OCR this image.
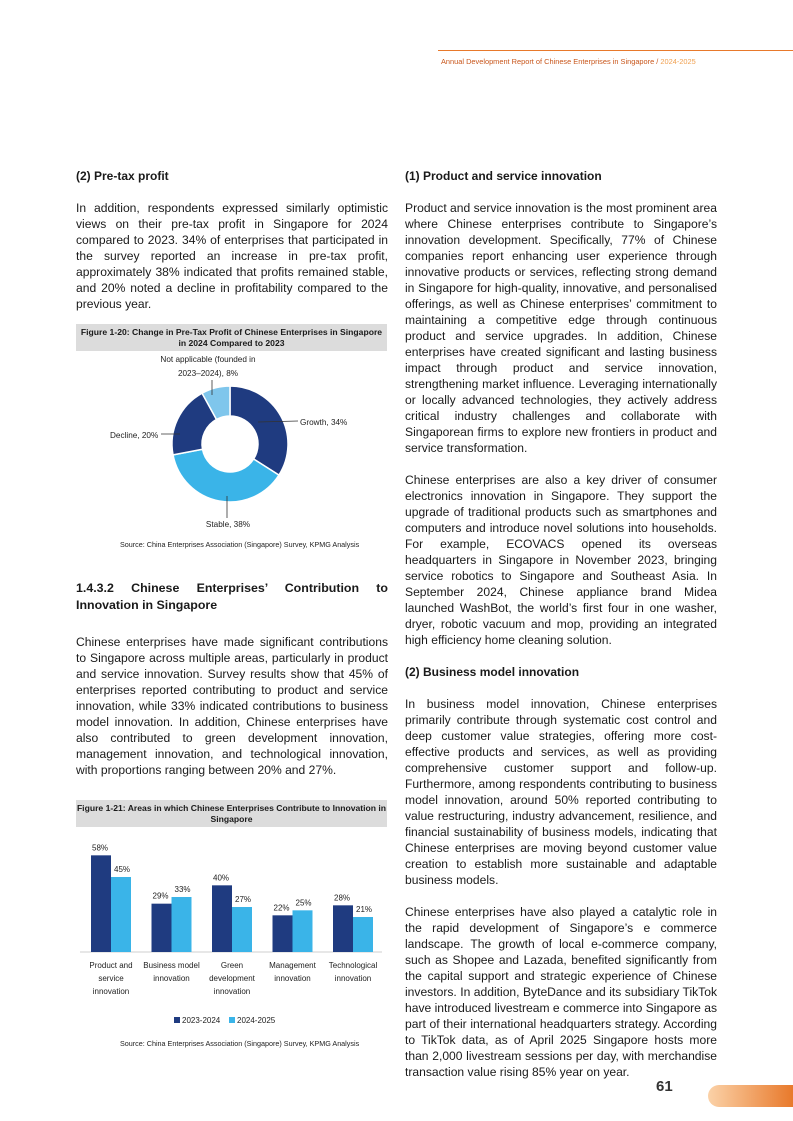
Annual Development Report of Chinese Enterprises in Singapore / 2024-2025

(2) Pre-tax profit

In addition, respondents expressed similarly optimistic views on their pre-tax profit in Singapore for 2024 compared to 2023. 34% of enterprises that participated in the survey reported an increase in pre-tax profit, approximately 38% indicated that profits remained stable, and 20% noted a decline in profitability compared to the previous year.

Figure 1-20: Change in Pre-Tax Profit of Chinese Enterprises in Singapore in 2024 Compared to 2023
Not applicable (founded in
2023–2024), 8%
Growth, 34%
Decline, 20%
Stable, 38%
Source: China Enterprises Association (Singapore) Survey, KPMG Analysis

1.4.3.2 Chinese Enterprises’ Contribution to Innovation in Singapore

Chinese enterprises have made significant contributions to Singapore across multiple areas, particularly in product and service innovation. Survey results show that 45% of enterprises reported contributing to product and service innovation, while 33% indicated contributions to business model innovation. In addition, Chinese enterprises have also contributed to green development innovation, management innovation, and technological innovation, with proportions ranging between 20% and 27%.

Figure 1-21: Areas in which Chinese Enterprises Contribute to Innovation in Singapore
58%
45%
29%
33%
40%
27%
22%
25%
28%
21%
Product and
service
innovation
Business model
innovation
Green
development
innovation
Management
innovation
Technological
innovation
2023-2024 2024-2025
Source: China Enterprises Association (Singapore) Survey, KPMG Analysis

(1) Product and service innovation

Product and service innovation is the most prominent area where Chinese enterprises contribute to Singapore’s innovation development. Specifically, 77% of Chinese companies report enhancing user experience through innovative products or services, reflecting strong demand in Singapore for high-quality, innovative, and personalised offerings, as well as Chinese enterprises’ commitment to maintaining a competitive edge through continuous product and service upgrades. In addition, Chinese enterprises have created significant and lasting business impact through product and service innovation, strengthening market influence. Leveraging internationally or locally advanced technologies, they actively address critical industry challenges and collaborate with Singaporean firms to explore new frontiers in product and service transformation.

Chinese enterprises are also a key driver of consumer electronics innovation in Singapore. They support the upgrade of traditional products such as smartphones and computers and introduce novel solutions into households. For example, ECOVACS opened its overseas headquarters in Singapore in November 2023, bringing service robotics to Singapore and Southeast Asia. In September 2024, Chinese appliance brand Midea launched WashBot, the world’s first four in one washer, dryer, robotic vacuum and mop, providing an integrated high efficiency home cleaning solution.

(2) Business model innovation

In business model innovation, Chinese enterprises primarily contribute through systematic cost control and deep customer value strategies, offering more cost-effective products and services, as well as providing comprehensive customer support and follow-up. Furthermore, among respondents contributing to business model innovation, around 50% reported contributing to value restructuring, industry advancement, resilience, and financial sustainability of business models, indicating that Chinese enterprises are moving beyond customer value creation to establish more sustainable and adaptable business models.

Chinese enterprises have also played a catalytic role in the rapid development of Singapore’s e commerce landscape. The growth of local e-commerce company, such as Shopee and Lazada, benefited significantly from the capital support and strategic experience of Chinese investors. In addition, ByteDance and its subsidiary TikTok have introduced livestream e commerce into Singapore as part of their international headquarters strategy. According to TikTok data, as of April 2025 Singapore hosts more than 2,000 livestream sessions per day, with merchandise transaction value rising 85% year on year.

61
